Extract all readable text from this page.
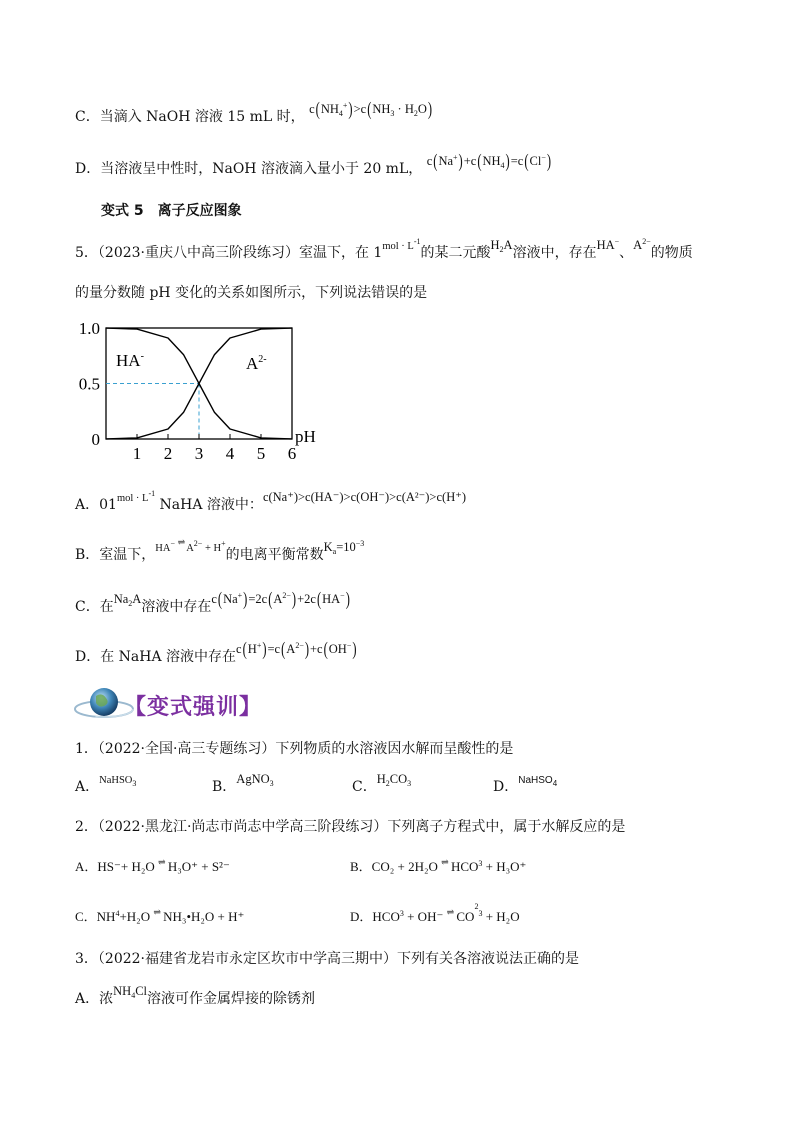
C．当滴入 NaOH 溶液 15 mL 时， $c(NH_4^+)>c(NH_3 \cdot H_2O)$
D．当溶液呈中性时，NaOH 溶液滴入量小于 20 mL， $c(Na^+)+c(NH_4)=c(Cl^-)$
变式 5　离子反应图象
5．（2023·重庆八中高三阶段练习）室温下，在 $1^{mol \cdot L^{-1}}$的某二元酸$H_2A$溶液中，存在HA−、$A^{2-}$的物质
的量分数随 pH 变化的关系如图所示，下列说法错误的是
0
0.5
1.0
1 2 3 4 5 6
pH
HA-	$A^{2-}$
A．$01^{mol \cdot L^{-1}}$ NaHA 溶液中：c(Na⁺)>c(HA⁻)>c(OH⁻)>c(A²⁻)>c(H⁺)
B．室温下，$^{HA^- \rightleftharpoons A^{2-} + H^+}$的电离平衡常数$K_a=10^{-3}$
C．在$Na_2A$溶液中存在$c(Na^+)=2c(A^{2-})+2c(HA^-)$
D．在 NaHA 溶液中存在$c(H^+)=c(A^{2-})+c(OH^-)$
【变式强训】
1．（2022·全国·高三专题练习）下列物质的水溶液因水解而呈酸性的是
A．$^{NaHSO_3}$	B．AgNO$_3$	C．$H_2CO_3$	D．$^{NaHSO_4}$
2．（2022·黑龙江·尚志市尚志中学高三阶段练习）下列离子方程式中，属于水解反应的是
A．HS⁻+ H₂O ⇌ H₃O⁺ + S²⁻	B．CO₂ + 2H₂O ⇌ $HCO^3 + H_3O^+$
C．$NH^4+H_2O$ ⇌ NH₃•H₂O + H⁺	D．$HCO^3 + OH^-$ ⇌ $CO^{23} + H_2O$
3．（2022·福建省龙岩市永定区坎市中学高三期中）下列有关各溶液说法正确的是
A．浓$NH_4Cl$溶液可作金属焊接的除锈剂
